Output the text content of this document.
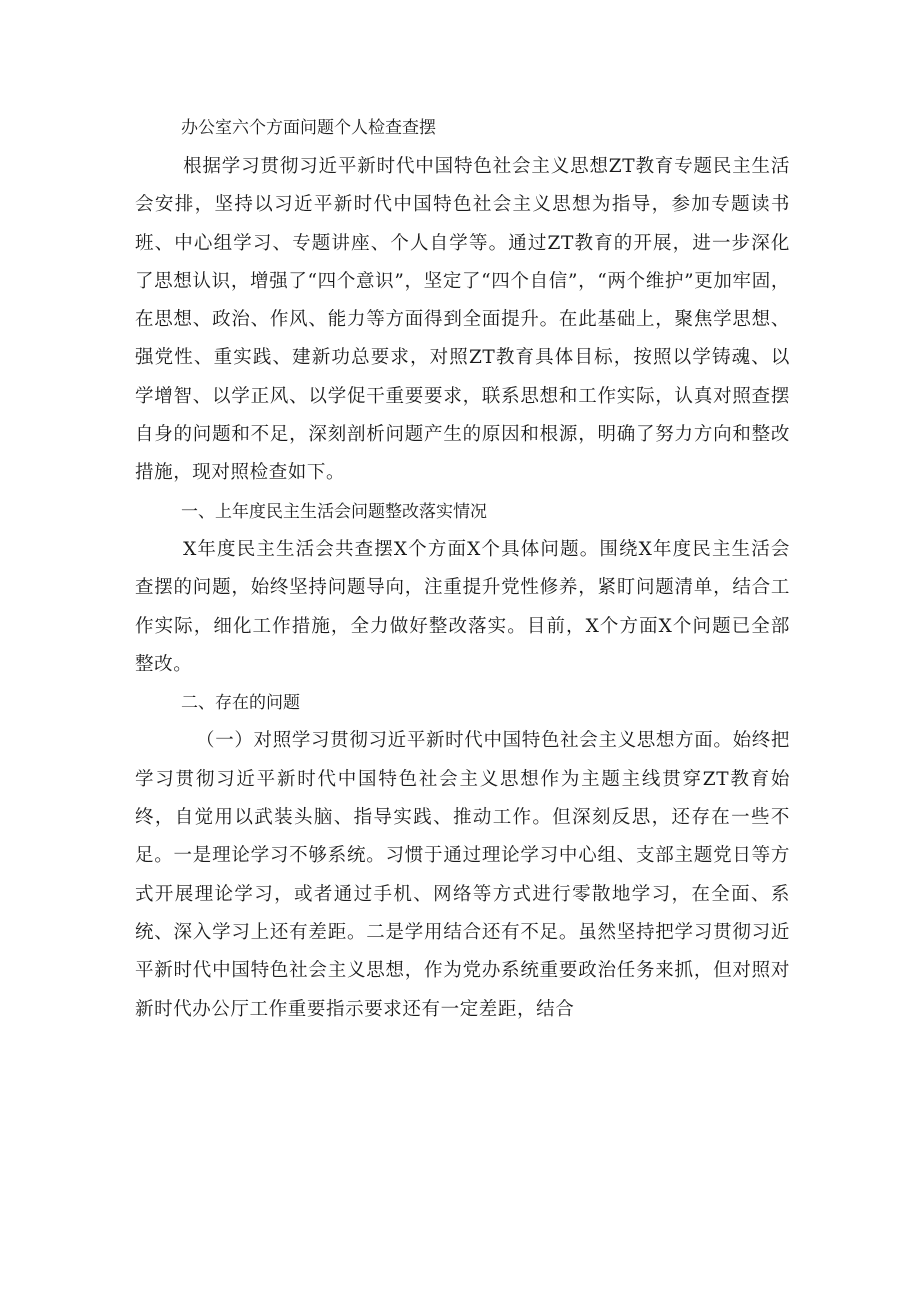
办公室六个方面问题个人检查查摆

根据学习贯彻习近平新时代中国特色社会主义思想ZT教育专题民主生活会安排，坚持以习近平新时代中国特色社会主义思想为指导，参加专题读书班、中心组学习、专题讲座、个人自学等。通过ZT教育的开展，进一步深化了思想认识，增强了“四个意识”，坚定了“四个自信”，“两个维护”更加牢固，在思想、政治、作风、能力等方面得到全面提升。在此基础上，聚焦学思想、强党性、重实践、建新功总要求，对照ZT教育具体目标，按照以学铸魂、以学增智、以学正风、以学促干重要要求，联系思想和工作实际，认真对照查摆自身的问题和不足，深刻剖析问题产生的原因和根源，明确了努力方向和整改措施，现对照检查如下。

一、上年度民主生活会问题整改落实情况

X年度民主生活会共查摆X个方面X个具体问题。围绕X年度民主生活会查摆的问题，始终坚持问题导向，注重提升党性修养，紧盯问题清单，结合工作实际，细化工作措施，全力做好整改落实。目前，X个方面X个问题已全部整改。

二、存在的问题

（一）对照学习贯彻习近平新时代中国特色社会主义思想方面。始终把学习贯彻习近平新时代中国特色社会主义思想作为主题主线贯穿ZT教育始终，自觉用以武装头脑、指导实践、推动工作。但深刻反思，还存在一些不足。一是理论学习不够系统。习惯于通过理论学习中心组、支部主题党日等方式开展理论学习，或者通过手机、网络等方式进行零散地学习，在全面、系统、深入学习上还有差距。二是学用结合还有不足。虽然坚持把学习贯彻习近平新时代中国特色社会主义思想，作为党办系统重要政治任务来抓，但对照对新时代办公厅工作重要指示要求还有一定差距，结合
